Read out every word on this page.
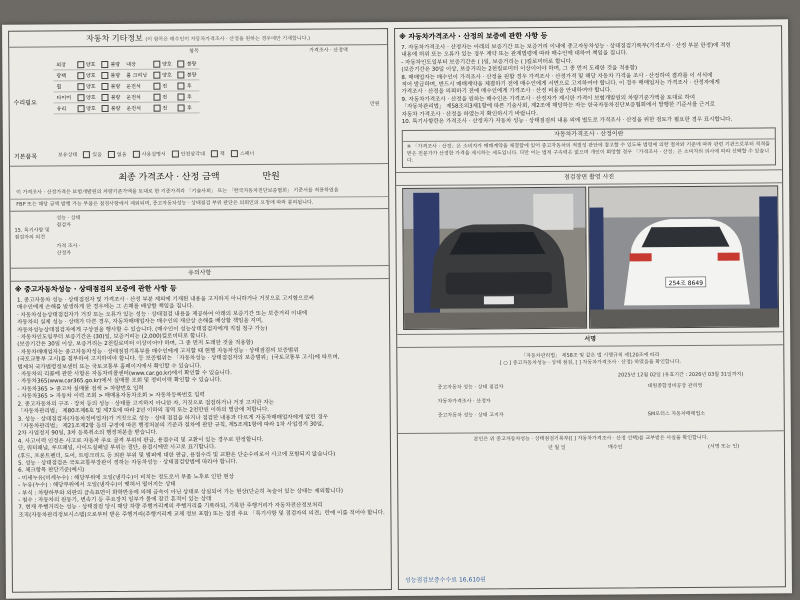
자동차 기타정보 (이 항목은 매수인이 자동차가격조사 · 산정을 원하는 경우에만 기재합니다.)
항목	가격조사 · 산정액
수리필요
외장	양호	불량	내장	양호	불량
광택	양호	불량	룸 크리닝	양호	불량
휠	양호	불량	운전석	전	후
타이어	양호	불량	운전석	전	후
유리	양호	불량	운전석	전	후
만원
기본품목	보유상태	있음	없음	사용설명서	안전삼각대	잭	스패너
최종 가격조사 · 산정 금액	만원
이 가격조사 · 산정가격은 보험개발원의 차량기준가액을 토대로 한 기준가격과 「기술사회」 또는 「한국자동차진단보증협회」 기준서를 적용하였음
FBP 또는 해당 금액 발행 가능 부품은 점검사항에서 제외되며, 중고자동차성능 · 상태점검 부위 판단은 의뢰인의 요청에 따라 분리됩니다.
15. 특기사항 및 점검자의 의견
성능 · 상태 점검자
가격 조사 · 산정자
유의사항
※ 중고자동차성능 · 상태점검의 보증에 관한 사항 등
1. 중고자동차 성능 · 상태점검자 및 가격조사 · 산정 부분 제외에 기재된 내용을 고지하지 아니하거나 거짓으로 고지함으로써
매수인에게 손해를 발생하게 한 경우에는 그 손해를 배상할 책임을 집니다.
· 자동차성능상태점검자가 거짓 또는 오류가 있는 성능 · 상태점검 내용을 제공하여 아래의 보증기간 또는 보증거리 이내에
자동차의 실제 성능 · 상태가 다른 경우, 자동차매매업자는 매수인의 재산상 손해를 배상할 책임을 지며,
자동차성능상태점검자에게 구상권을 행사할 수 있습니다. (매수인이 성능상태점검자에게 직접 청구 가능)
· 자동차인도일부터 보증기간은 (30)일, 보증거리는 (2,000)킬로미터로 합니다.
(보증기간은 30일 이상, 보증거리는 2천킬로미터 이상이어야 하며, 그 중 먼저 도래한 것을 적용함)
· 자동차매매업자는 중고자동차성능 · 상태점검기록부를 매수인에게 고지할 때 현행 자동차성능 · 상태점검의 보증범위
(국토교통부 고시)를 첨부하여 고지하여야 합니다. 등 보증범위는 「자동차성능 · 상태점검자의 보증범위」(국토교통부 고시)에 따르며,
법제처 국가법령정보센터 또는 국토교통부 홈페이지에서 확인할 수 있습니다.
· 자동차의 리콜에 관한 사항은 자동차리콜센터(www.car.go.kr)에서 확인할 수 있습니다.
· 자동차365(www.car365.go.kr)에서 실매물 조회 및 정비이력 확인할 수 있습니다.
- 자동차365 > 중고차 실매물 검색 > 차량번호 입력
- 자동차365 > 자동차 이력 조회 > 매매용자동차조회 > 자동차등록번호 입력
2. 중고자동차의 구조 · 장치 등의 성능 · 상태를 고지하지 아니한 자, 거짓으로 점검하거나 거짓 고지한 자는
「자동차관리법」 제80조제6호 및 제7호에 따라 2년 이하의 징역 또는 2천만원 이하의 벌금에 처합니다.
3. 성능 · 상태점검자(자동차정비업자)가 거짓으로 성능 · 상태 점검을 하거나 점검한 내용과 다르게 자동차매매업자에게 알린 경우
「자동차관리법」 제21조제2항 등의 규정에 따른 행정처분의 기준과 절차에 관한 규칙, 제5조제1항에 따라 1차 사업정지 30일,
2차 사업정지 90일, 3차 등록취소의 행정처분을 받습니다.
4. 사고이력 인정은 사고로 자동차 주요 골격 부위의 판금, 용접수리 및 교환이 있는 경우로 한정합니다.
단, 쿼터패널, 루프패널, 사이드실패널 부위는 절단, 용접시에만 사고로 표기합니다.
(후드, 프론트펜더, 도어, 트렁크리드 등 외판 부위 및 범퍼에 대한 판금, 용접수리 및 교환은 단순수리로서 사고에 포함되지 않습니다)
5. 성능 · 상태점검은 국토교통부장관이 정하는 자동차성능 · 상태점검방법에 따라야 합니다.
6. 체크항목 판단기준(예시)
- 미세누유(미세누수) : 해당부위에 오일(냉각수)이 비치는 정도로서 부품 노후로 인한 현상
- 누유(누수) : 해당부위에서 오일(냉각수)이 맺혀서 떨어지는 상태
- 부식 : 차량하부와 외판의 금속표면이 화학반응에 의해 금속이 아닌 상태로 상실되어 가는 현상(단순히 녹슬어 있는 상태는 제외합니다)
- 침수 : 자동차의 원동기, 변속기 등 주요장치 일부가 물에 잠긴 흔적이 있는 상태
7. 현재 주행거리는 성능 · 상태점검 당시 해당 차량 주행거리계의 주행거리를 기록하되, 기록한 주행거리가 자동차전산정보처리
조직(자동차관리정보시스템)으로부터 받은 주행거리(주행거리계 교체 정보 포함) 또는 점검 주요 「특기사항 및 점검자의 의견」란에 이를 적어야 합니다.
※ 자동차가격조사 · 산정의 보증에 관한 사항 등
7. 자동차가격조사 · 산정자는 아래의 보증기간 또는 보증거리 이내에 중고자동차성능 · 상태점검기록부(가격조사 · 산정 부분 한정)에 적힌
내용에 허위 또는 오류가 있는 경우 계약 또는 관계법령에 따라 매수인에 대하여 책임을 집니다.
- 자동차인도일부터 보증기간은 ( )일, 보증거리는 ( )킬로미터로 합니다.
(보증기간은 30일 이상, 보증거리는 2천킬로미터 이상이어야 하며, 그 중 먼저 도래한 것을 적용함)
8. 매매업자는 매수인이 가격조사 · 산정을 원할 경우 가격조사 · 산정가격 및 해당 자동차 가격을 조사 · 산정하여 결과를 이 서식에
적어 발급하며, 반드시 매매계약을 체결하기 전에 매수인에게 서면으로 고지하여야 합니다. 이 경우 매매업자는 가격조사 · 산정자에게
가격조사 · 산정을 의뢰하기 전에 매수인에게 가격조사 · 산정 비용을 안내하여야 합니다.
9. 자동차가격조사 · 산정을 원하는 매수인은 가격조사 · 산정자가 제시한 가격이 보험개발원의 차량기준가액을 토대로 하여
「자동차관리법」 제58조의3제1항에 따른 기술사회, 제2조에 해당하는 자는 한국자동차진단보증협회에서 발행한 기준서를 근거로
자동차 가격조사 · 산정을 하였는지 확인하시기 바랍니다.
10. 특기사항란은 가격조사 · 산정자가 자동차 성능 · 상태점검의 내용 외에 별도로 가격조사 · 산정을 위한 검토가 필요한 경우 표시합니다.
자동차가격조사 · 산정이란
※ 「가격조사 · 산정」은 소비자가 매매계약을 체결함에 있어 중고자동차의 적절성 판단에 참고할 수 있도록 법령에 의한 절차와 기준에 따라 관련 기관으로부터 적격을 받은 전문가가 산정한 가격을 제시하는 제도입니다. 다만 이는 법적 구속력은 없으며 개인이 희망할 경우 「가격조사 · 산정」은 소비자의 의사에 따라 선택할 수 있습니다.
점검장면 촬영 사진
254조 8649
서명
「자동차관리법」 제58조 및 같은 법 시행규칙 제120조에 따라
[ ○ ] 중고자동차성능 · 상태 점검, [ ] 자동차가격조사 · 산정) 하였음을 확인합니다.
2025년 12월 02일 (유효기간 : 2026년 03월 31일까지)
중고자동차 성능 · 상태 점검자	대원종합정비공장 관리영
자동차가격조사 · 산정자
중고자동차 성능 · 상태 고지자	SM모터스 자동차매매업소
본인은 위 중고자동차성능 · 상태점검기록부([ ] 자동차가격조사 · 산정 선택)를 교부받은 사실을 확인합니다.
년 월 일	매수인	(서명 또는 인)
성능점검보증수수료 16,610원
